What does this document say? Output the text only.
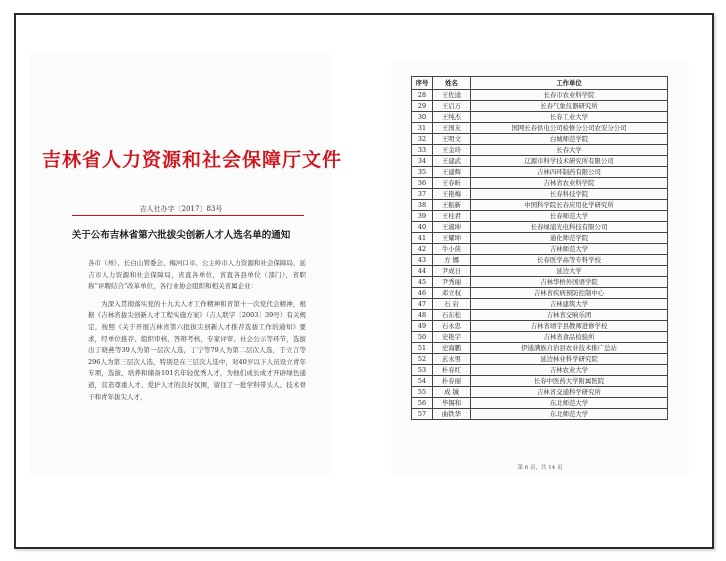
吉林省人力资源和社会保障厅文件
吉人社办字〔2017〕83号
关于公布吉林省第六批拔尖创新人才人选名单的通知

各市（州）、长白山管委会、梅河口市、公主岭市人力资源和社会保障局，延吉市人力资源和社会保障局，省直各单位，省直各县单位（部门），省职称“评聘结合”改革单位，各行业协会组织和相关省属企业：

为深入贯彻落实党的十九大人才工作精神和省第十一次党代会精神，根据《吉林省拔尖创新人才工程实施方案》（吉人联字〔2003〕39号）有关规定，按照《关于开展吉林省第六批拔尖创新人才推荐选拔工作的通知》要求，经单位推荐、组织审核、答辩考核、专家评审、社会公示等环节，选拔出丁晓燕等39人为第一层次人选，丁宁等79人为第二层次人选，于立言等296人为第三层次人选，特别是在三层次人选中，对40岁以下人员设立青年专项，选拔、培养和储备101名年轻优秀人才，为他们成长成才开辟绿色通道，营造尊重人才、爱护人才的良好氛围，留住了一批学科带头人、技术骨干和青年拔尖人才，

序号	姓名	工作单位
28	王佐逵	长春市农业科学院
29	王启万	长春气象仪器研究所
30	王纯杰	长春工业大学
31	王国友	国网长春供电公司检修分公司农安分公司
32	王明文	白城师范学院
33	王金玲	长春大学
34	王建武	辽源市科学技术研究所有限公司
35	王建辉	吉林四环制药有限公司
36	王春昕	吉林省农业科学院
37	王艳梅	长春科技学院
38	王振新	中国科学院长春应用化学研究所
39	王桂君	长春师范大学
40	王淑坤	长春绿浦光电科技有限公司
41	王耀坤	通化师范学院
42	牛小侠	吉林师范大学
43	方 娜	长春医学高等专科学校
44	尹成日	延边大学
45	尹秀丽	吉林华桥外国语学院
46	邓立权	吉林省疾病预防控制中心
47	石 岩	吉林建筑大学
48	石东松	吉林省交响乐团
49	石永忠	吉林省靖宇县教师进修学校
50	史艳宇	吉林省食品检验所
51	史海鹏	伊通满族自治县农业技术推广总站
52	玄永男	延边林业科学研究院
53	朴春红	吉林农业大学
54	朴春丽	长春中医药大学附属医院
55	成 铖	吉林省交通科学研究所
56	毕锡和	东北师范大学
57	曲铁华	东北师范大学
第 6 页，共 14 页
